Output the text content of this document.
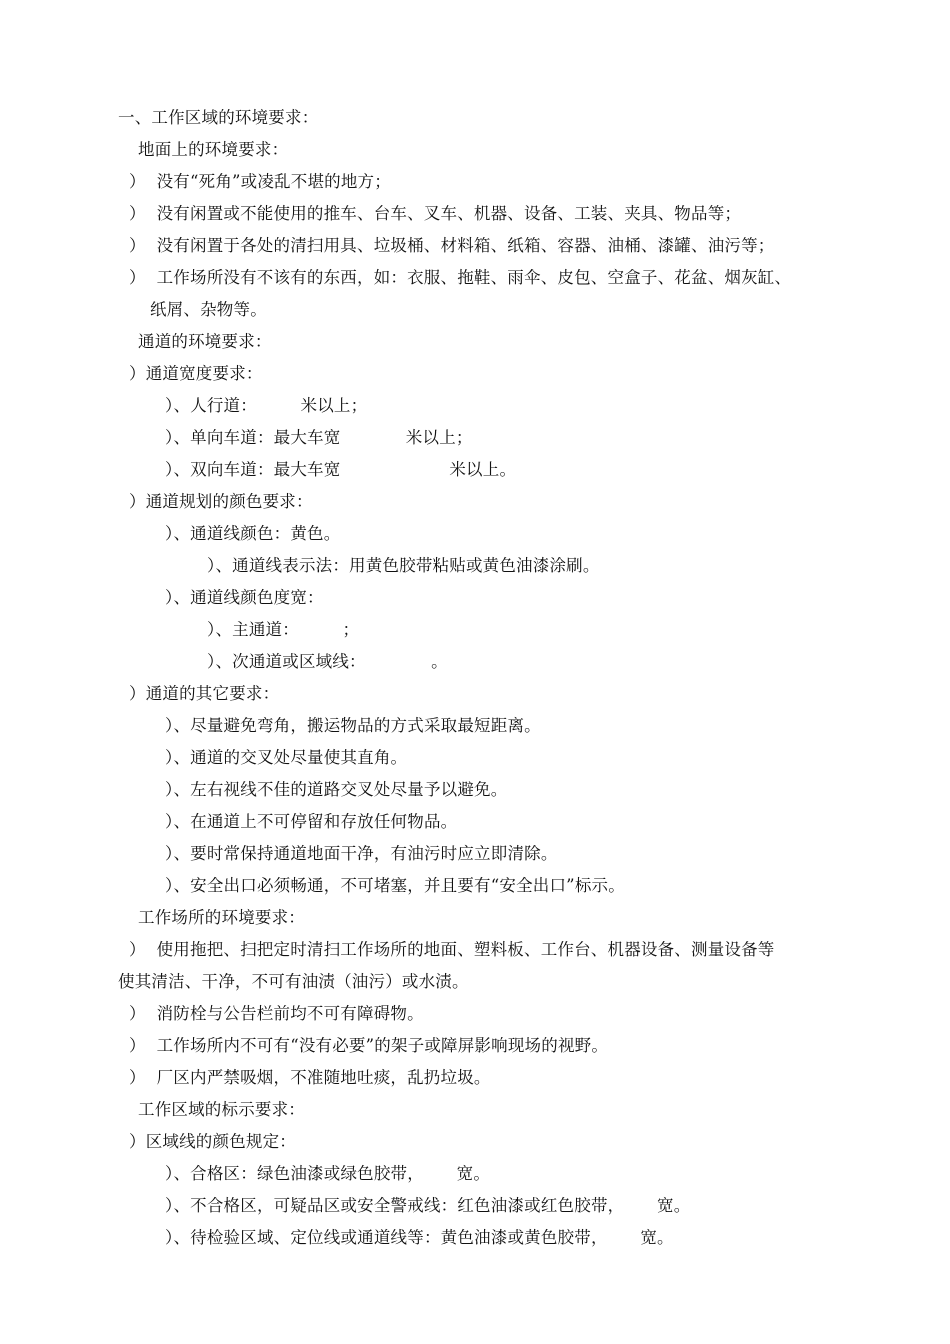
一、工作区域的环境要求：
地面上的环境要求：
）  没有“死角”或凌乱不堪的地方；
）  没有闲置或不能使用的推车、台车、叉车、机器、设备、工装、夹具、物品等；
）  没有闲置于各处的清扫用具、垃圾桶、材料箱、纸箱、容器、油桶、漆罐、油污等；
）  工作场所没有不该有的东西，如：衣服、拖鞋、雨伞、皮包、空盒子、花盆、烟灰缸、
纸屑、杂物等。
通道的环境要求：
）通道宽度要求：
）、人行道：        米以上；
）、单向车道：最大车宽            米以上；
）、双向车道：最大车宽                    米以上。
）通道规划的颜色要求：
）、通道线颜色：黄色。
）、通道线表示法：用黄色胶带粘贴或黄色油漆涂刷。
）、通道线颜色度宽：
）、主通道：        ；
）、次通道或区域线：            。
）通道的其它要求：
）、尽量避免弯角，搬运物品的方式采取最短距离。
）、通道的交叉处尽量使其直角。
）、左右视线不佳的道路交叉处尽量予以避免。
）、在通道上不可停留和存放任何物品。
）、要时常保持通道地面干净，有油污时应立即清除。
）、安全出口必须畅通，不可堵塞，并且要有“安全出口”标示。
工作场所的环境要求：
）  使用拖把、扫把定时清扫工作场所的地面、塑料板、工作台、机器设备、测量设备等
使其清洁、干净，不可有油渍（油污）或水渍。
）  消防栓与公告栏前均不可有障碍物。
）  工作场所内不可有“没有必要”的架子或障屏影响现场的视野。
）  厂区内严禁吸烟，不准随地吐痰，乱扔垃圾。
工作区域的标示要求：
）区域线的颜色规定：
）、合格区：绿色油漆或绿色胶带，      宽。
）、不合格区，可疑品区或安全警戒线：红色油漆或红色胶带，      宽。
）、待检验区域、定位线或通道线等：黄色油漆或黄色胶带，      宽。
